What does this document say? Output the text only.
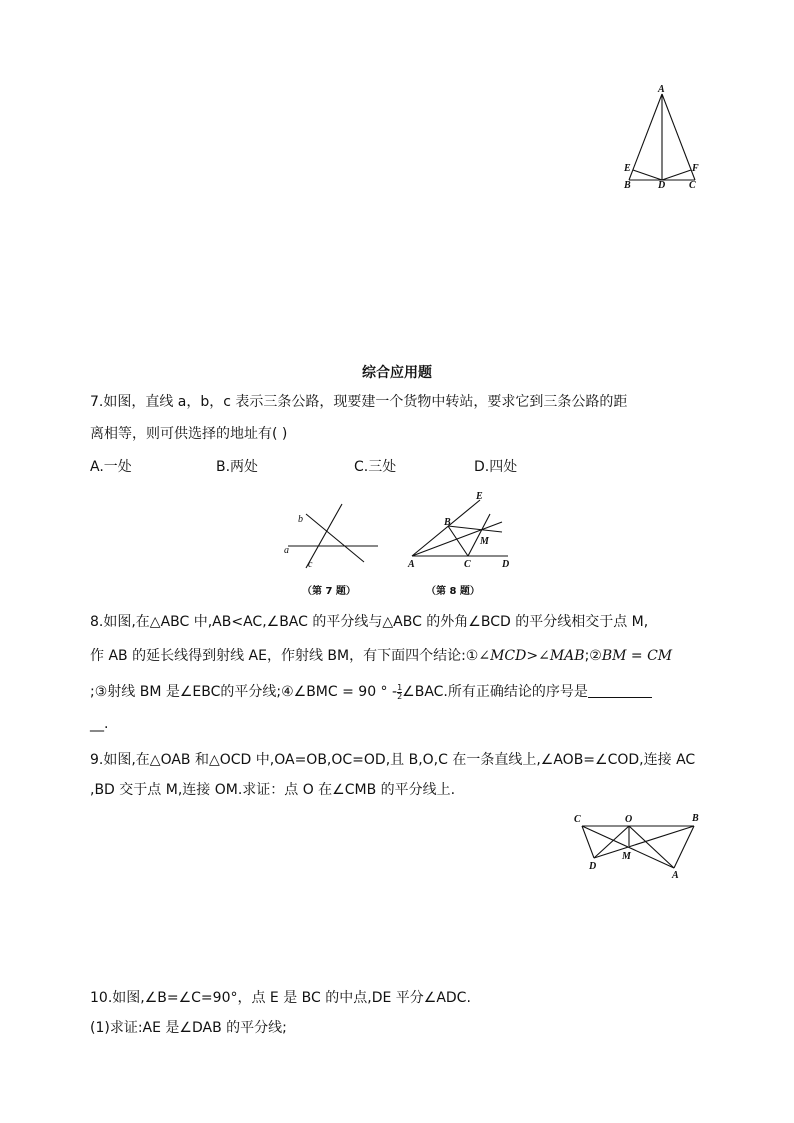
A
E	F
B	D C
综合应用题
7.如图，直线 a，b，c 表示三条公路，现要建一个货物中转站，要求它到三条公路的距
离相等，则可供选择的地址有( )
A.一处	B.两处	C.三处	D.四处
b
a
c
（第 7 题）
E
B
M
A	C	D
（第 8 题）
8.如图,在△ABC 中,AB<AC,∠BAC 的平分线与△ABC 的外角∠BCD 的平分线相交于点 M,
作 AB 的延长线得到射线 AE，作射线 BM，有下面四个结论:①∠MCD>∠MAB;②BM = CM
;③射线 BM 是∠EBC的平分线;④∠BMC = 90 ° - $\frac{1}{2}$ ∠BAC.所有正确结论的序号是
__.
9.如图,在△OAB 和△OCD 中,OA=OB,OC=OD,且 B,O,C 在一条直线上,∠AOB=∠COD,连接 AC
,BD 交于点 M,连接 OM.求证：点 O 在∠CMB 的平分线上.
C	O	B
D
M
A
10.如图,∠B=∠C=90°，点 E 是 BC 的中点,DE 平分∠ADC.
(1)求证:AE 是∠DAB 的平分线;
